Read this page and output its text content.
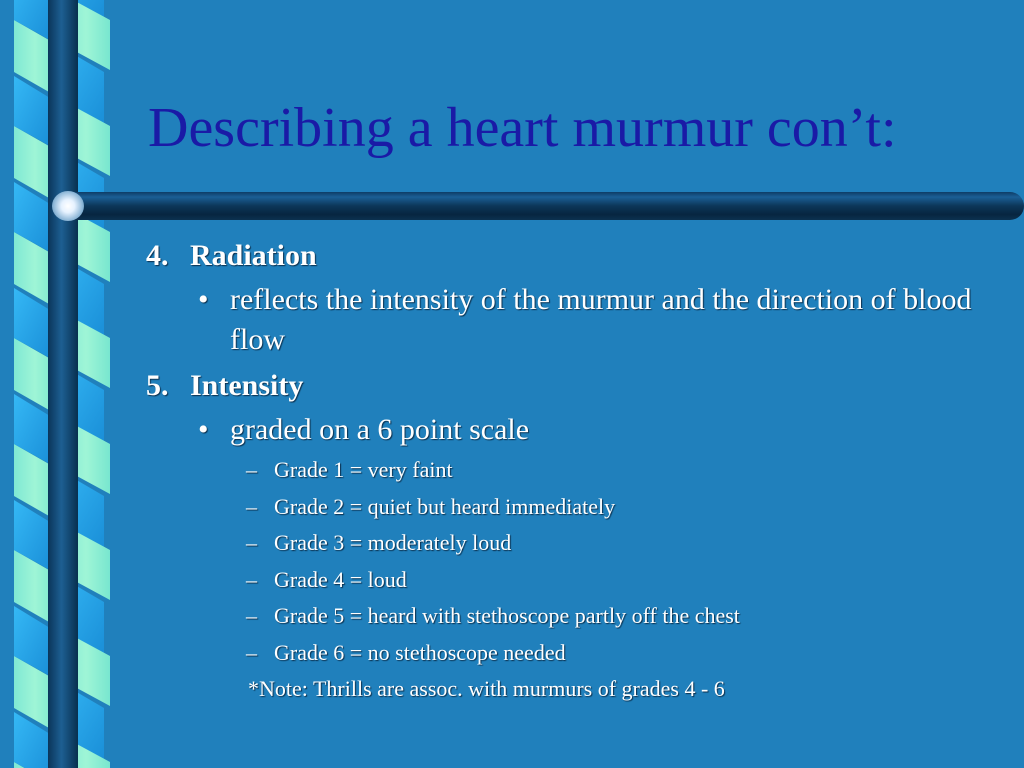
Describing a heart murmur con’t:
4. Radiation
• reflects the intensity of the murmur and the direction of blood flow
5. Intensity
• graded on a 6 point scale
– Grade 1 = very faint
– Grade 2 = quiet but heard immediately
– Grade 3 = moderately loud
– Grade 4 = loud
– Grade 5 = heard with stethoscope partly off the chest
– Grade 6 = no stethoscope needed
*Note: Thrills are assoc. with murmurs of grades 4 - 6
